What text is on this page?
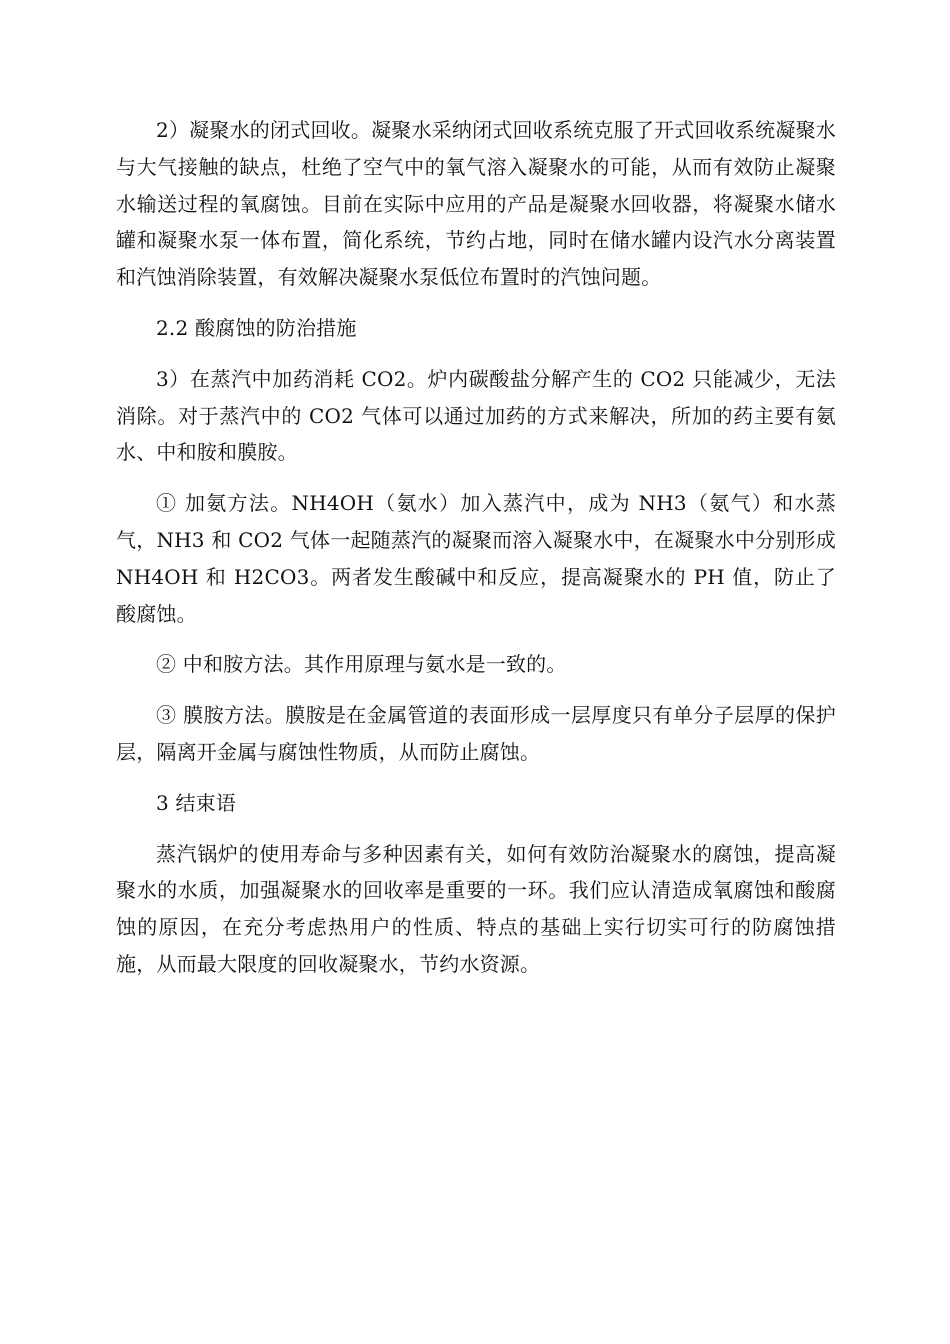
2）凝聚水的闭式回收。凝聚水采纳闭式回收系统克服了开式回收系统凝聚水与大气接触的缺点，杜绝了空气中的氧气溶入凝聚水的可能，从而有效防止凝聚水输送过程的氧腐蚀。目前在实际中应用的产品是凝聚水回收器，将凝聚水储水罐和凝聚水泵一体布置，简化系统，节约占地，同时在储水罐内设汽水分离装置和汽蚀消除装置，有效解决凝聚水泵低位布置时的汽蚀问题。

2.2 酸腐蚀的防治措施

3）在蒸汽中加药消耗 CO2。炉内碳酸盐分解产生的 CO2 只能减少，无法消除。对于蒸汽中的 CO2 气体可以通过加药的方式来解决，所加的药主要有氨水、中和胺和膜胺。

① 加氨方法。NH4OH（氨水）加入蒸汽中，成为 NH3（氨气）和水蒸气，NH3 和 CO2 气体一起随蒸汽的凝聚而溶入凝聚水中，在凝聚水中分别形成 NH4OH 和 H2CO3。两者发生酸碱中和反应，提高凝聚水的 PH 值，防止了酸腐蚀。

② 中和胺方法。其作用原理与氨水是一致的。

③ 膜胺方法。膜胺是在金属管道的表面形成一层厚度只有单分子层厚的保护层，隔离开金属与腐蚀性物质，从而防止腐蚀。

3 结束语

蒸汽锅炉的使用寿命与多种因素有关，如何有效防治凝聚水的腐蚀，提高凝聚水的水质，加强凝聚水的回收率是重要的一环。我们应认清造成氧腐蚀和酸腐蚀的原因，在充分考虑热用户的性质、特点的基础上实行切实可行的防腐蚀措施，从而最大限度的回收凝聚水，节约水资源。
